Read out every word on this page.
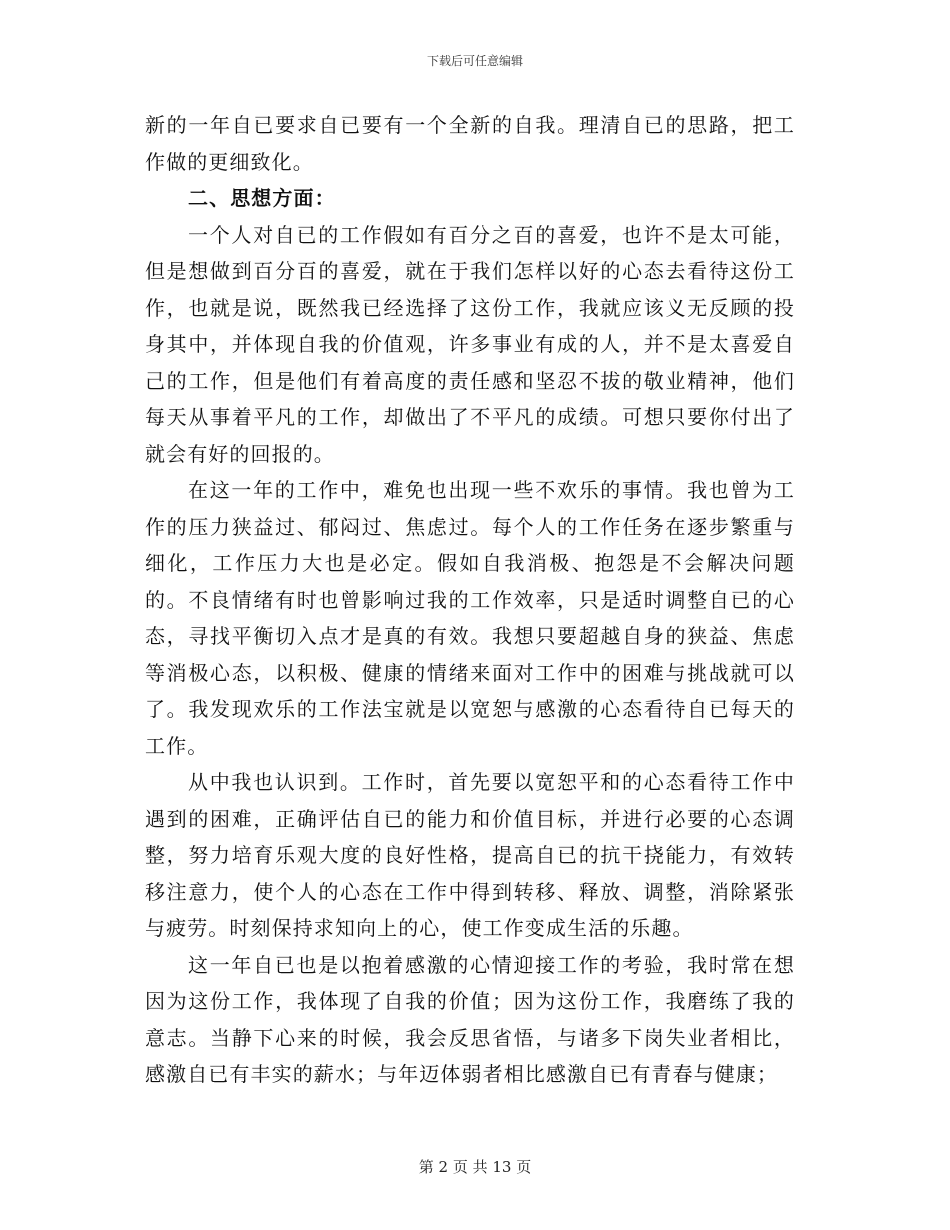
下载后可任意编辑

新的一年自已要求自已要有一个全新的自我。理清自已的思路，把工作做的更细致化。

二、思想方面：

一个人对自已的工作假如有百分之百的喜爱，也许不是太可能，但是想做到百分百的喜爱，就在于我们怎样以好的心态去看待这份工作，也就是说，既然我已经选择了这份工作，我就应该义无反顾的投身其中，并体现自我的价值观，许多事业有成的人，并不是太喜爱自己的工作，但是他们有着高度的责任感和坚忍不拔的敬业精神，他们每天从事着平凡的工作，却做出了不平凡的成绩。可想只要你付出了就会有好的回报的。

在这一年的工作中，难免也出现一些不欢乐的事情。我也曾为工作的压力狭益过、郁闷过、焦虑过。每个人的工作任务在逐步繁重与细化，工作压力大也是必定。假如自我消极、抱怨是不会解决问题的。不良情绪有时也曾影响过我的工作效率，只是适时调整自已的心态，寻找平衡切入点才是真的有效。我想只要超越自身的狭益、焦虑等消极心态，以积极、健康的情绪来面对工作中的困难与挑战就可以了。我发现欢乐的工作法宝就是以宽恕与感激的心态看待自已每天的工作。

从中我也认识到。工作时，首先要以宽恕平和的心态看待工作中遇到的困难，正确评估自已的能力和价值目标，并进行必要的心态调整，努力培育乐观大度的良好性格，提高自已的抗干挠能力，有效转移注意力，使个人的心态在工作中得到转移、释放、调整，消除紧张与疲劳。时刻保持求知向上的心，使工作变成生活的乐趣。

这一年自已也是以抱着感激的心情迎接工作的考验，我时常在想因为这份工作，我体现了自我的价值；因为这份工作，我磨练了我的意志。当静下心来的时候，我会反思省悟，与诸多下岗失业者相比，感激自已有丰实的薪水；与年迈体弱者相比感激自已有青春与健康；

第 2 页 共 13 页
